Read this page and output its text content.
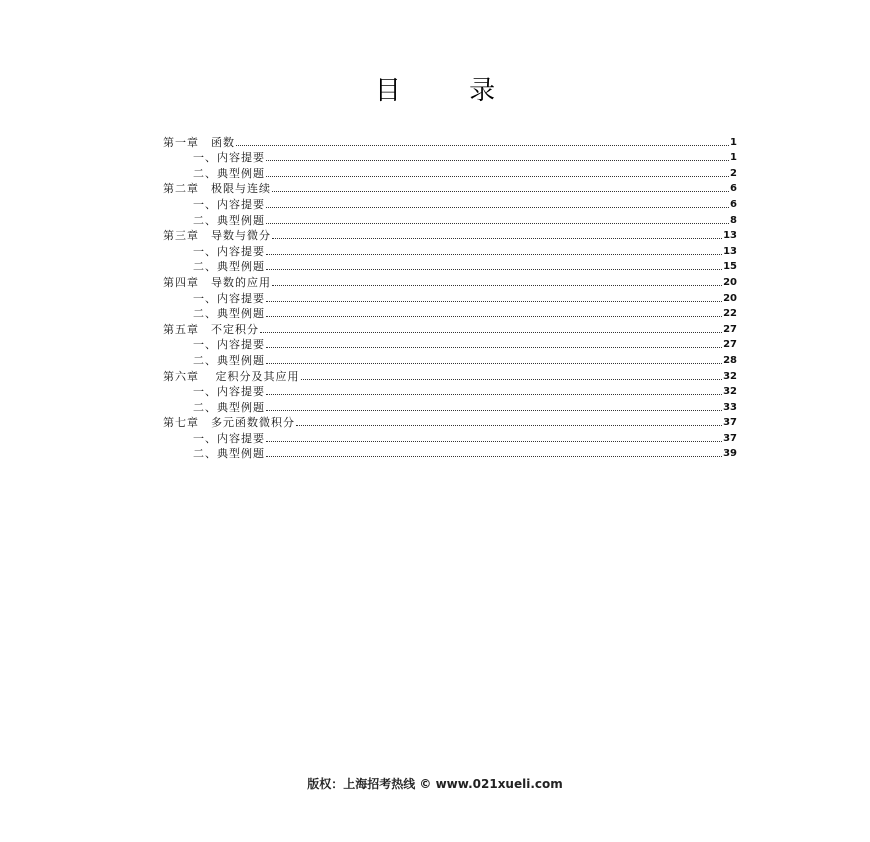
目 录
第一章　函数	1
一、内容提要	1
二、典型例题	2
第二章　极限与连续	6
一、内容提要	6
二、典型例题	8
第三章　导数与微分	13
一、内容提要	13
二、典型例题	15
第四章　导数的应用	20
一、内容提要	20
二、典型例题	22
第五章　不定积分	27
一、内容提要	27
二、典型例题	28
第六章　 定积分及其应用	32
一、内容提要	32
二、典型例题	33
第七章　多元函数微积分	37
一、内容提要	37
二、典型例题	39
版权：上海招考热线 © www.021xueli.com
